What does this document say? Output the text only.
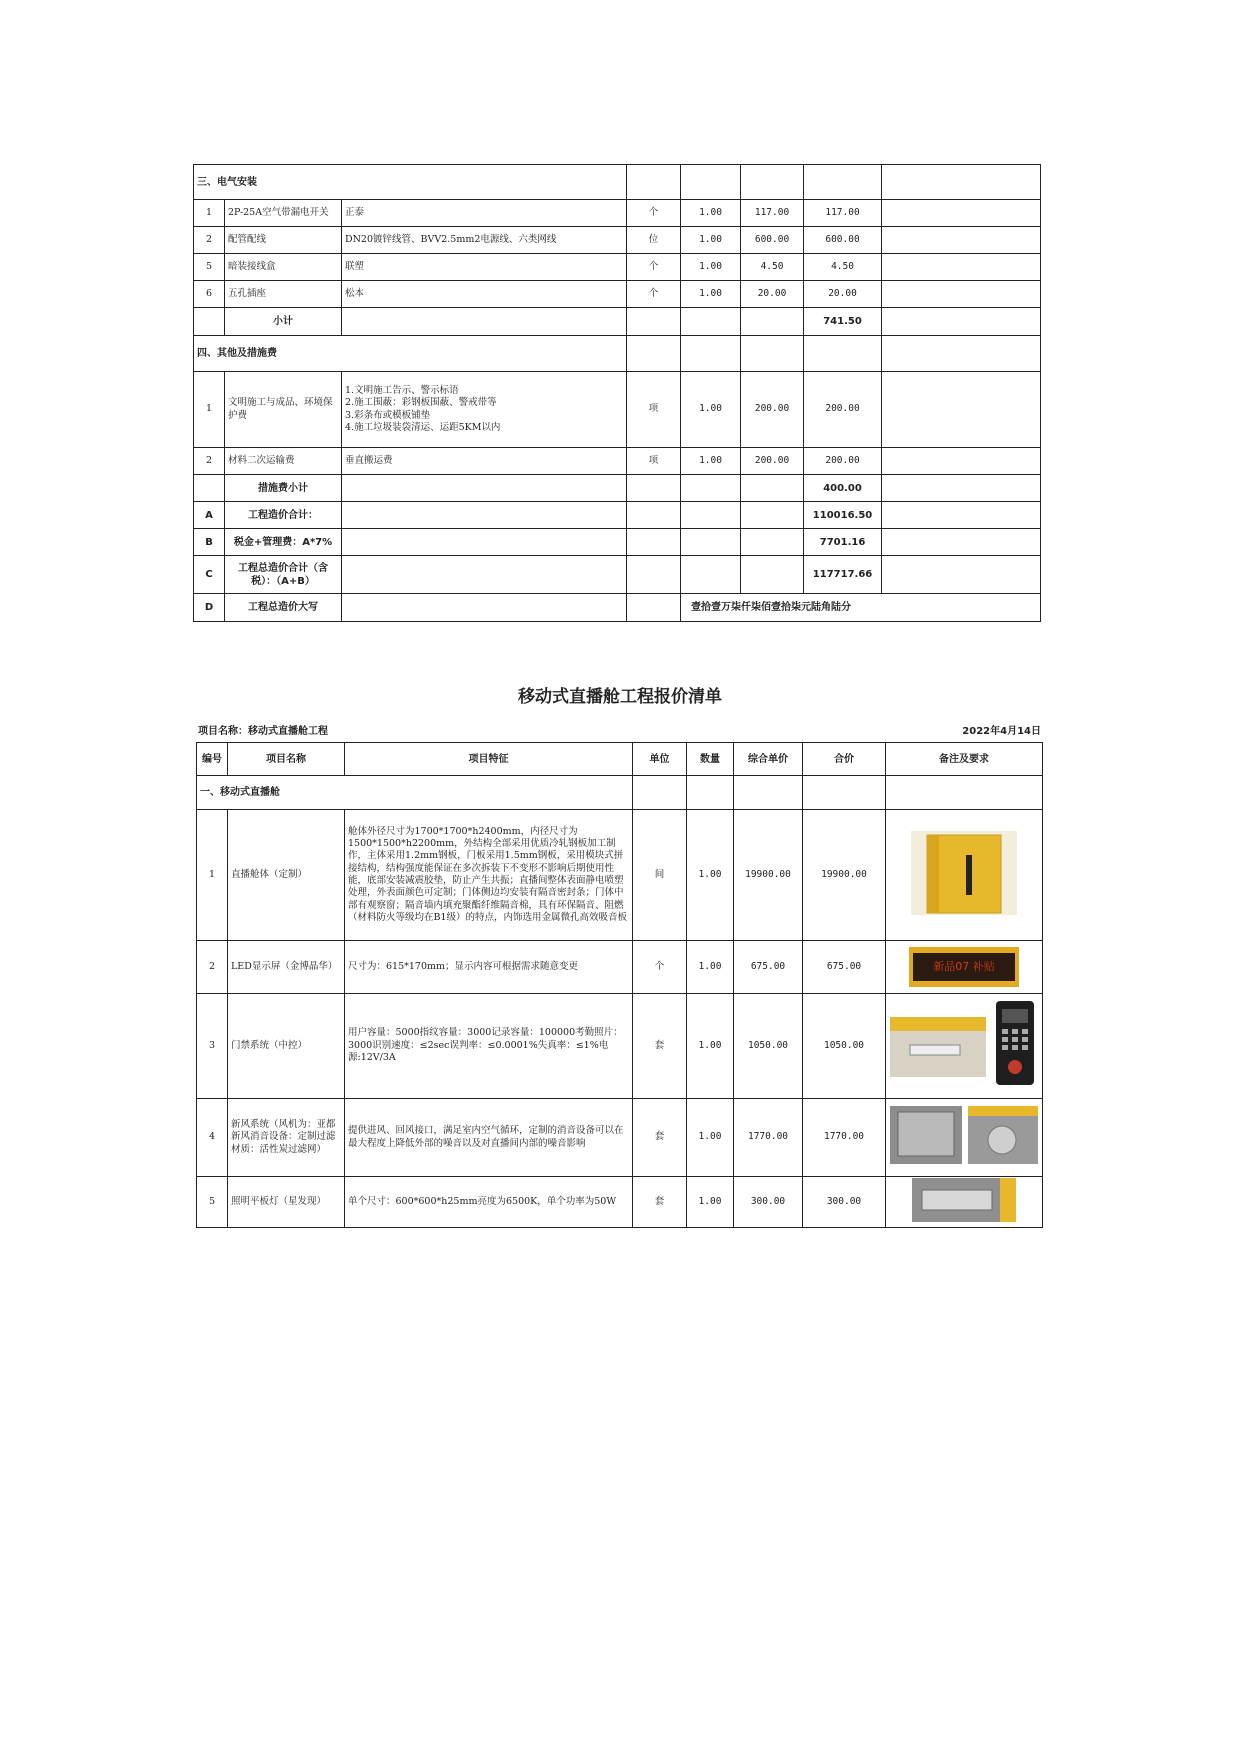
三、电气安装							
1	2P-25A空气带漏电开关	正泰	个	1.00	117.00	117.00	
2	配管配线	DN20镀锌线管、BVV2.5mm2电源线、六类网线	位	1.00	600.00	600.00	
5	暗装接线盒	联塑	个	1.00	4.50	4.50	
6	五孔插座	松本	个	1.00	20.00	20.00	
	小计					741.50	
四、其他及措施费							
1	文明施工与成品、环境保护费	1.文明施工告示、警示标语
2.施工围蔽：彩钢板围蔽、警戒带等
3.彩条布或模板铺垫
4.施工垃圾装袋清运、运距5KM以内	项	1.00	200.00	200.00	
2	材料二次运输费	垂直搬运费	项	1.00	200.00	200.00	
	措施费小计					400.00	
A	工程造价合计：					110016.50	
B	税金+管理费：A*7%					7701.16	
C	工程总造价合计（含税）：（A+B）					117717.66	
D	工程总造价大写			壹拾壹万柒仟柒佰壹拾柒元陆角陆分			
移动式直播舱工程报价清单
项目名称：移动式直播舱工程	2022年4月14日
编号	项目名称	项目特征	单位	数量	综合单价	合价	备注及要求
一、移动式直播舱							
1	直播舱体（定制）	舱体外径尺寸为1700*1700*h2400mm，内径尺寸为1500*1500*h2200mm，外结构全部采用优质冷轧钢板加工制作，主体采用1.2mm钢板，门板采用1.5mm钢板，采用模块式拼接结构，结构强度能保证在多次拆装下不变形不影响后期使用性能，底部安装减震胶垫，防止产生共振；直播间整体表面静电喷塑处理，外表面颜色可定制；门体侧边均安装有隔音密封条；门体中部有观察窗；隔音墙内填充聚酯纤维隔音棉，具有环保隔音、阻燃（材料防火等级均在B1级）的特点，内饰选用金属微孔高效吸音板	间	1.00	19900.00	19900.00	
2	LED显示屏（金博晶华）	尺寸为：615*170mm；显示内容可根据需求随意变更	个	1.00	675.00	675.00	新品07 补贴

3	门禁系统（中控）	用户容量：5000指纹容量：3000记录容量：100000考勤照片：3000识别速度：≤2sec误判率：≤0.0001%失真率：≤1%电源:12V/3A	套	1.00	1050.00	1050.00	
4	新风系统（风机为：亚都新风消音设备：定制过滤材质：活性炭过滤网）	提供进风、回风接口，满足室内空气循环，定制的消音设备可以在最大程度上降低外部的噪音以及对直播间内部的噪音影响	套	1.00	1770.00	1770.00	
5	照明平板灯（星发现）	单个尺寸：600*600*h25mm亮度为6500K，单个功率为50W	套	1.00	300.00	300.00	
